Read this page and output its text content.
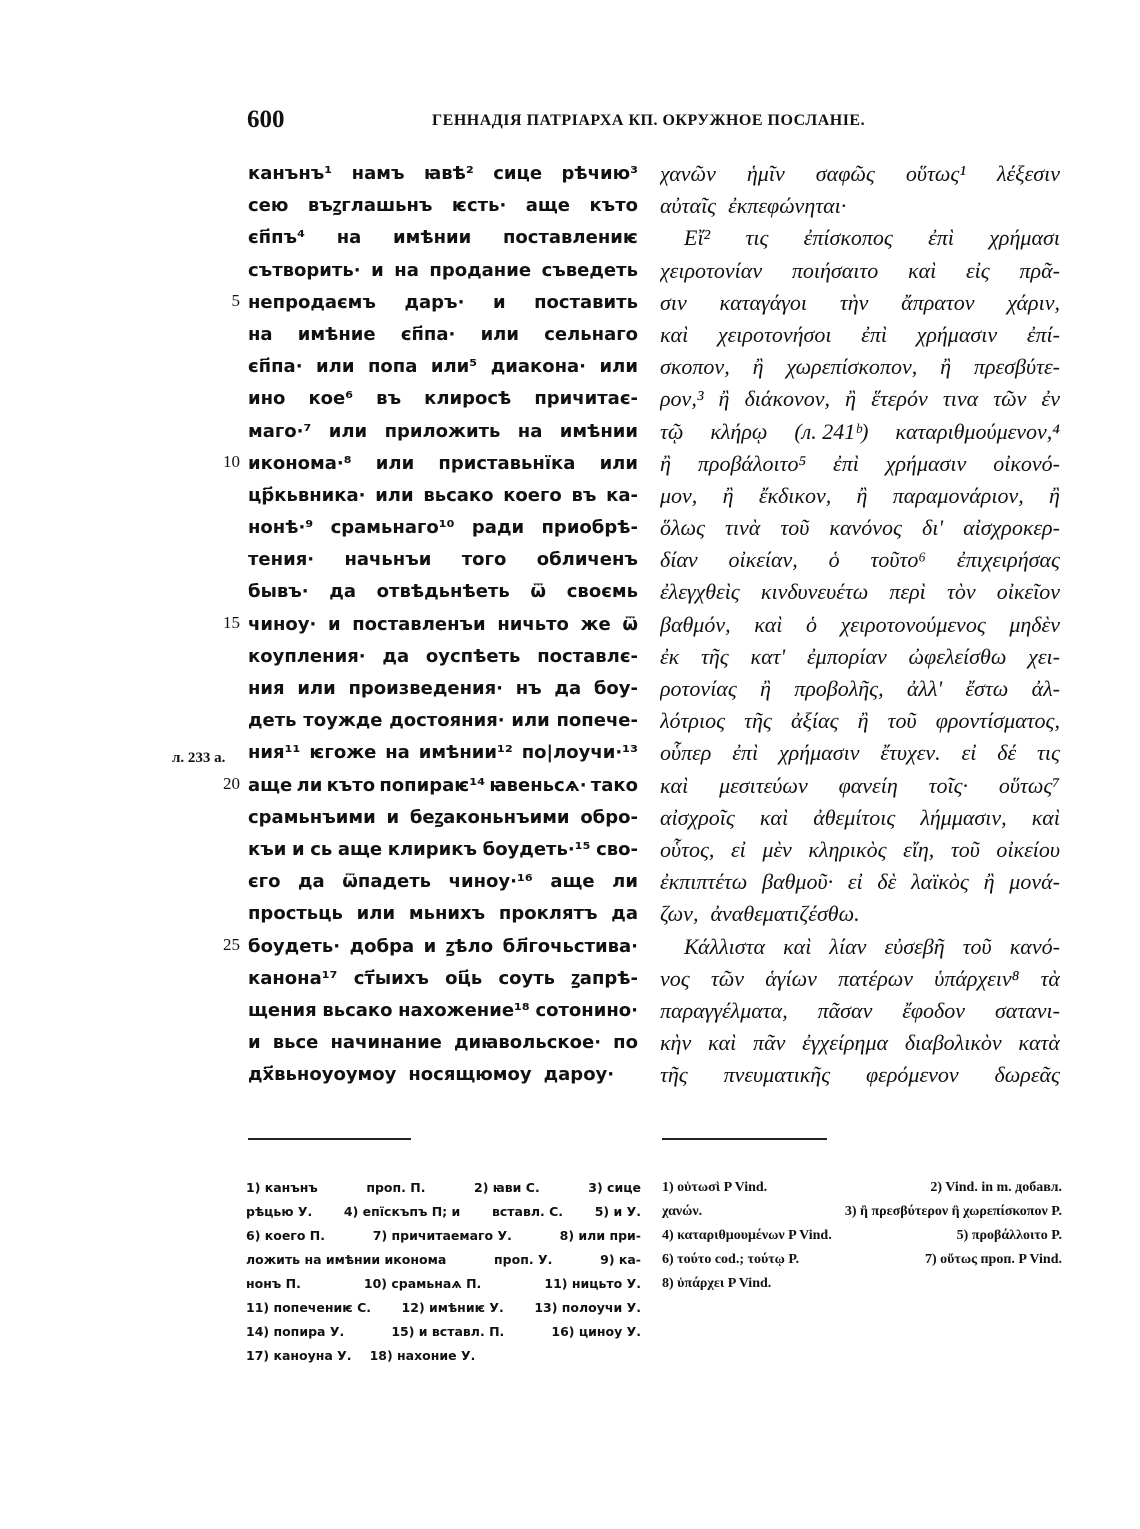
600	ГЕННАДІЯ ПАТРІАРХА КП. ОКРУЖНОЕ ПОСЛАНІЕ.
5
10
15
20
25
л. 233 а.
канънъ¹ намъ ꙗвѣ² сице рѣчию³
сею въꙁглашьнъ ѥсть· аще къто
єп҃пъ⁴ на имѣнии поставлениѥ
сътворить· и на продание съведеть
непродаємъ даръ· и поставить
на имѣние єп҃па· или сельнаго
єп҃па· или попа или⁵ диакона· или
ино кое⁶ въ клиросѣ причитає-
маго·⁷ или приложить на имѣнии
иконома·⁸ или приставьнїка или
цр҃кьвника· или вьсако коего въ ка-
нонѣ·⁹ срамьнаго¹⁰ ради приобрѣ-
тения· начьнъи того обличенъ
бывъ· да отвѣдьнѣеть ѿ своємь
чиноу· и поставленъи ничьто же ѿ
коупления· да оуспѣеть поставлє-
ния или произведения· нъ да боу-
деть тоужде достояния· или попече-
ния¹¹ ѥгоже на имѣнии¹² по|лоучи·¹³
аще ли къто попираѥ¹⁴ ꙗвеньсѧ· тако
срамьнъими и беꙁаконьнъими обро-
къи и сь аще клирикъ боудеть·¹⁵ сво-
єго да ѿпадеть чиноу·¹⁶ аще ли
простьць или мьнихъ проклятъ да
боудеть· добра и ꙁѣло бл҃гочьстива·
канона¹⁷ ст҃ыихъ оц҃ь соуть ꙁапрѣ-
щения вьсако нахожение¹⁸ сотонино·
и вьсе начинание диꙗвольское· по
дх҃вьноуоумоу носящюмоу дароу·
χανῶν ἡμῖν σαφῶς οὕτως¹ λέξεσιν
αὐταῖς ἐκπεφώνηται·
Εἴ² τις ἐπίσκοπος ἐπὶ χρήμασι
χειροτονίαν ποιήσαιτο καὶ εἰς πρᾶ-
σιν καταγάγοι τὴν ἄπρατον χάριν,
καὶ χειροτονήσοι ἐπὶ χρήμασιν ἐπί-
σκοπον, ἢ χωρεπίσκοπον, ἢ πρεσβύτε-
ρον,³ ἢ διάκονον, ἢ ἕτερόν τινα τῶν ἐν
τῷ κλήρῳ (л. 241ᵇ) καταριθμούμενον,⁴
ἢ προβάλοιτο⁵ ἐπὶ χρήμασιν οἰκονό-
μον, ἢ ἔκδικον, ἢ παραμονάριον, ἢ
ὅλως τινὰ τοῦ κανόνος δι' αἰσχροκερ-
δίαν οἰκείαν, ὁ τοῦτο⁶ ἐπιχειρήσας
ἐλεγχθεὶς κινδυνευέτω περὶ τὸν οἰκεῖον
βαθμόν, καὶ ὁ χειροτονούμενος μηδὲν
ἐκ τῆς κατ' ἐμπορίαν ὠφελείσθω χει-
ροτονίας ἢ προβολῆς, ἀλλ' ἔστω ἀλ-
λότριος τῆς ἀξίας ἢ τοῦ φροντίσματος,
οὗπερ ἐπὶ χρήμασιν ἔτυχεν. εἰ δέ τις
καὶ μεσιτεύων φανείη τοῖς· οὕτως⁷
αἰσχροῖς καὶ ἀθεμίτοις λήμμασιν, καὶ
οὗτος, εἰ μὲν κληρικὸς εἴη, τοῦ οἰκείου
ἐκπιπτέτω βαθμοῦ· εἰ δὲ λαϊκὸς ἢ μονά-
ζων, ἀναθεματιζέσθω.
Κάλλιστα καὶ λίαν εὐσεβῆ τοῦ κανό-
νος τῶν ἁγίων πατέρων ὑπάρχειν⁸ τὰ
παραγγέλματα, πᾶσαν ἔφοδον σατανι-
κὴν καὶ πᾶν ἐγχείρημα διαβολικὸν κατὰ
τῆς πνευματικῆς φερόμενον δωρεᾶς
1) канънъ	проп. П.	2) ꙗви С.	3) сице
рѣцью У.	4) епїскъпъ П; и	вставл. С.	5) и У.
6) коего П.	7) причитаемаго У.	8) или при-
ложить на имѣнии иконома	проп. У.	9) ка-
нонъ П.	10) срамьнаѧ П.	11) ницьто У.
11) попечениѥ С. 12) имѣниѥ У. 13) полоучи У.
14) попира У.	15) и вставл. П.	16) циноу У.
17) каноуна У. 18) нахоние У.
1) οὑτωσὶ P Vind.	2) Vind. in m. добавл.
χανών.	3) ἢ πρεσβύτερον ἢ χωρεπίσκοπον P.
4) καταριθμουμένων P Vind.	5) προβάλλοιτο P.
6) τούτο cod.; τούτῳ P.	7) οὕτως проп. P Vind.
8) ὑπάρχει P Vind.
